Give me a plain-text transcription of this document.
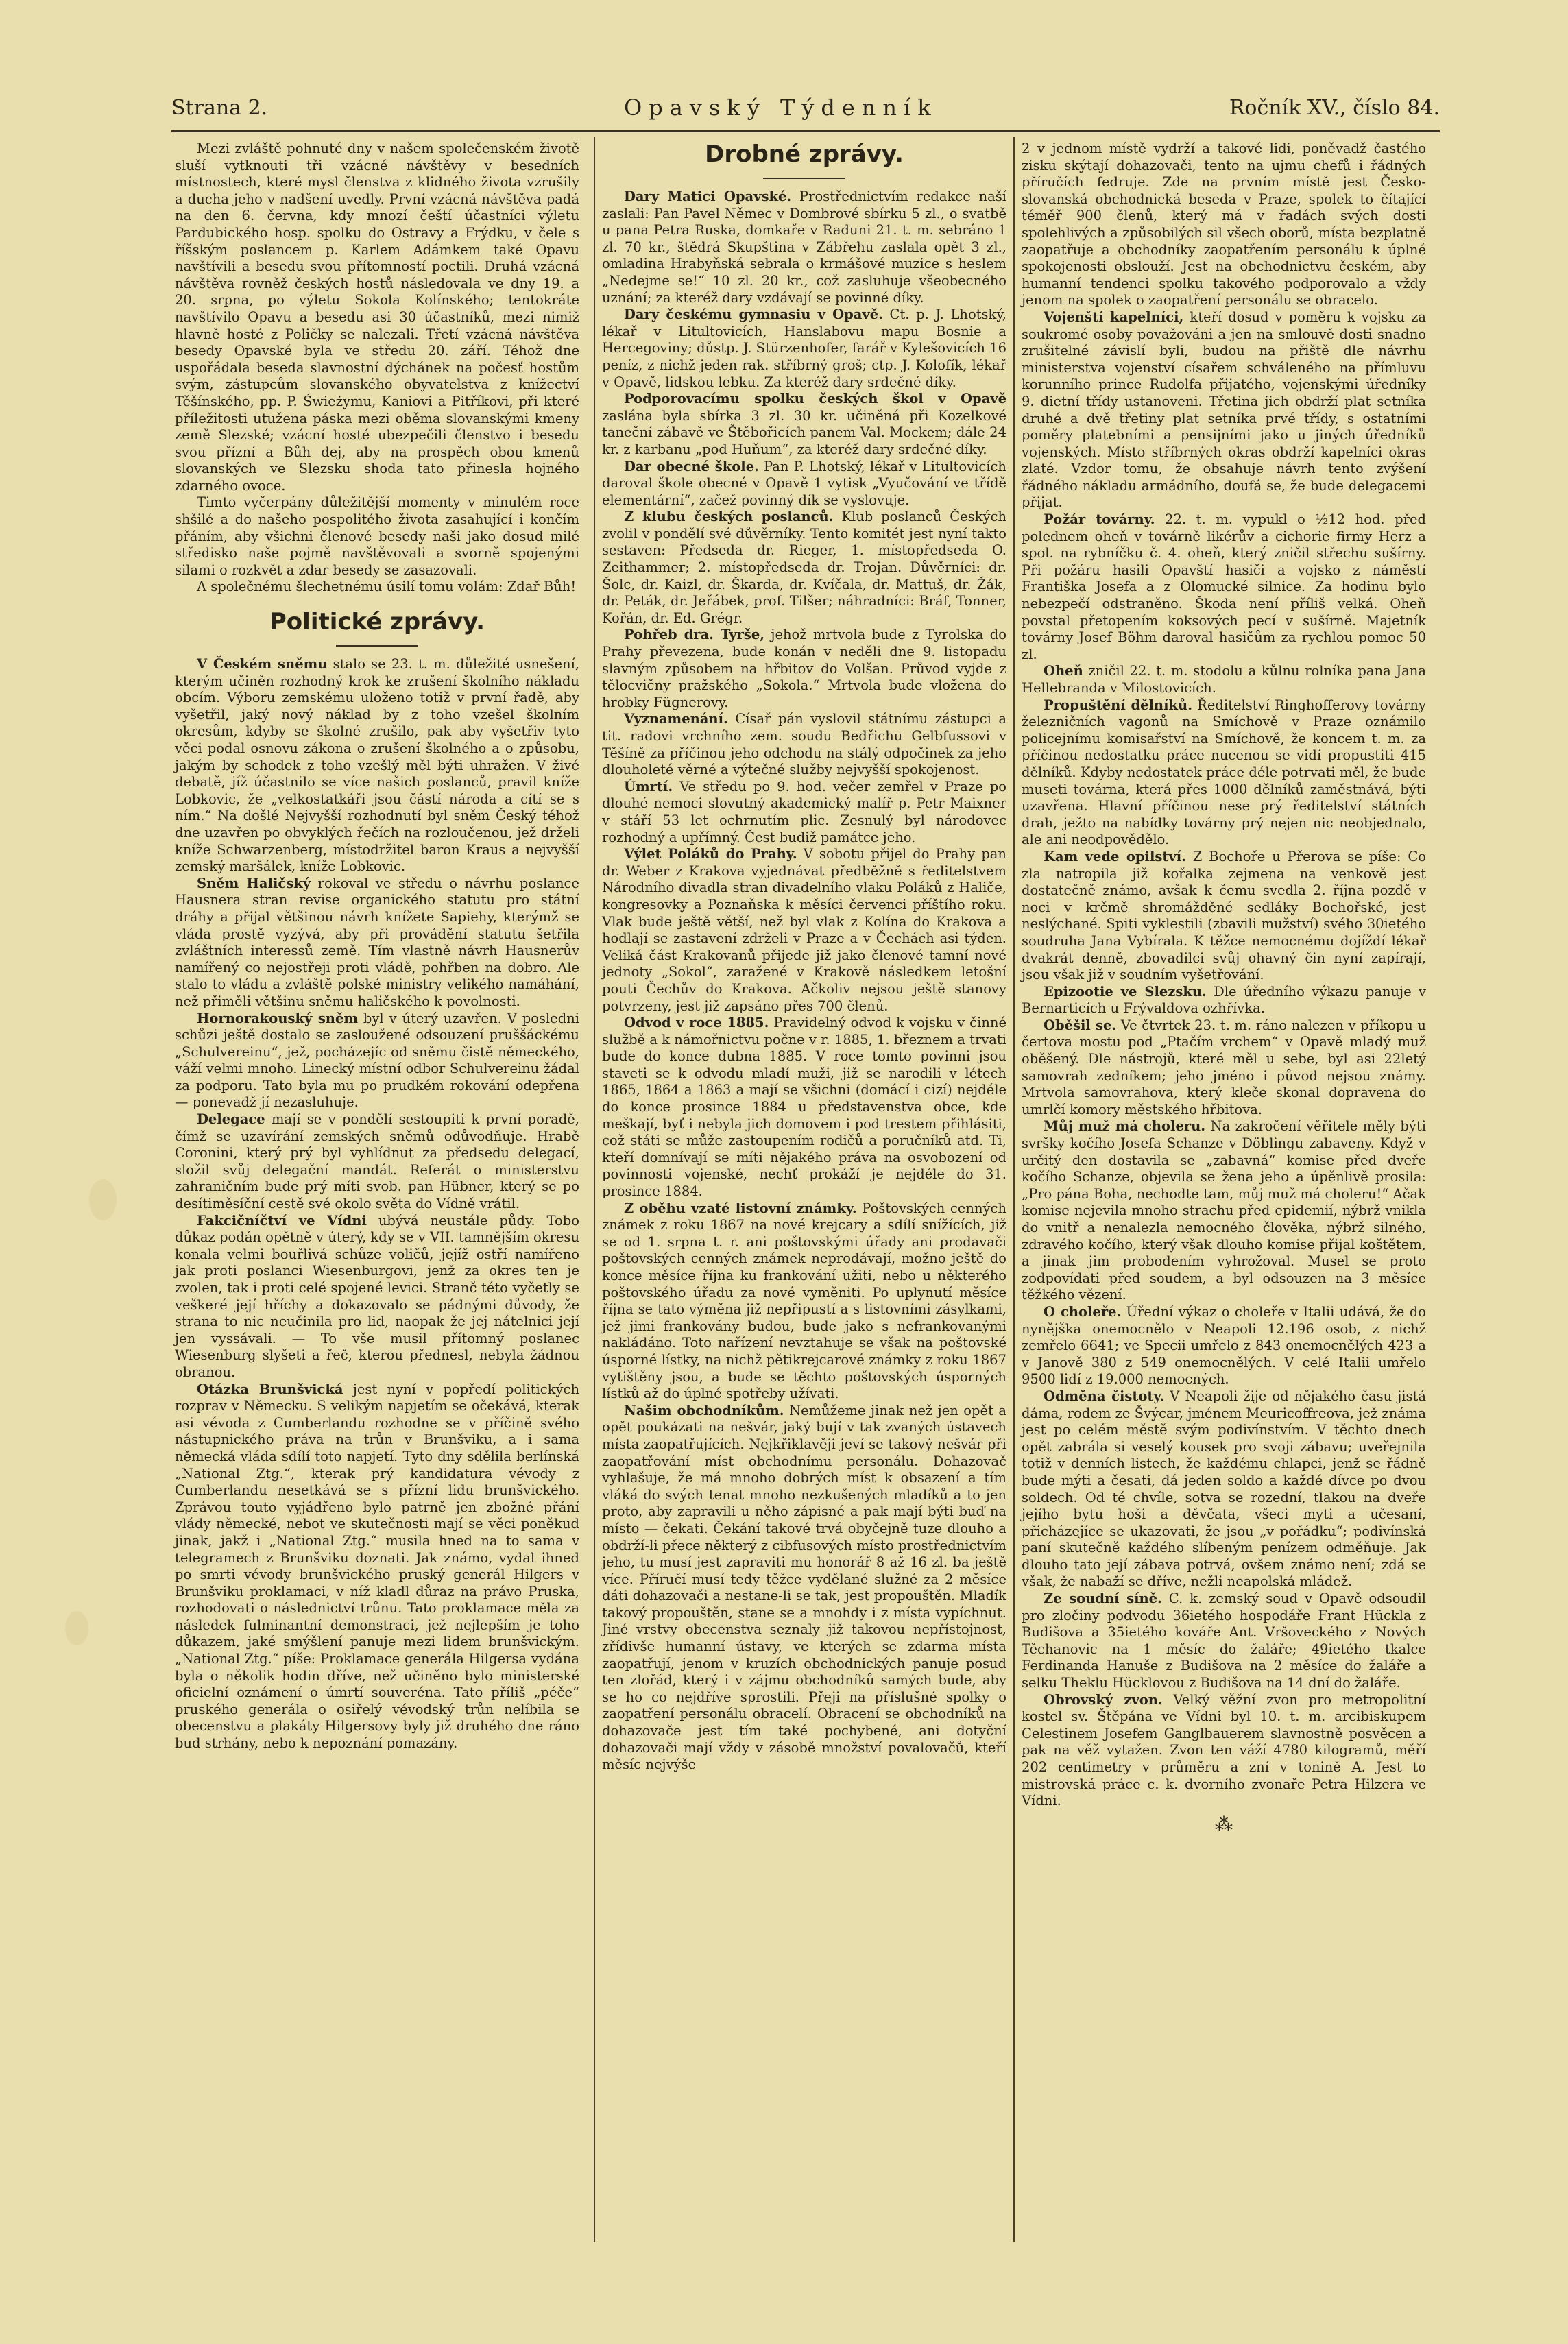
Strana 2.	Opavský Týdenník	Ročník XV., číslo 84.

Mezi zvláště pohnuté dny v našem společenském životě sluší vytknouti tři vzácné návštěvy v besedních místnostech, které mysl členstva z klidného života vzrušily a ducha jeho v nadšení uvedly. První vzácná návštěva padá na den 6. června, kdy mnozí čeští účastníci výletu Pardubického hosp. spolku do Ostravy a Frýdku, v čele s říšským poslancem p. Karlem Adámkem také Opavu navštívili a besedu svou přítomností poctili. Druhá vzácná návštěva rovněž českých hostů následovala ve dny 19. a 20. srpna, po výletu Sokola Kolínského; tentokráte navštívilo Opavu a besedu asi 30 účastníků, mezi nimiž hlavně hosté z Poličky se nalezali. Třetí vzácná návštěva besedy Opavské byla ve středu 20. září. Téhož dne uspořádala beseda slavnostní dýchánek na počesť hostům svým, zástupcům slovanského obyvatelstva z knížectví Těšínského, pp. P. Świeżymu, Kaniovi a Pitříkovi, při které příležitosti utužena páska mezi oběma slovanskými kmeny země Slezské; vzácní hosté ubezpečili členstvo i besedu svou přízní a Bůh dej, aby na prospěch obou kmenů slovanských ve Slezsku shoda tato přinesla hojného zdarného ovoce.

Timto vyčerpány důležitější momenty v minulém roce shšilé a do našeho pospolitého života zasahující i končím přáním, aby všichni členové besedy naši jako dosud milé středisko naše pojmě navštěvovali a svorně spojenými silami o rozkvět a zdar besedy se zasazovali.

A společnému šlechetnému úsilí tomu volám: Zdař Bůh!

Politické zprávy.

V Českém sněmu stalo se 23. t. m. důležité usnešení, kterým učiněn rozhodný krok ke zrušení školního nákladu obcím. Výboru zemskému uloženo totiž v první řadě, aby vyšetřil, jaký nový náklad by z toho vzešel školním okresům, kdyby se školné zrušilo, pak aby vyšetřiv tyto věci podal osnovu zákona o zrušení školného a o způsobu, jakým by schodek z toho vzešlý měl býti uhražen. V živé debatě, jíž účastnilo se více našich poslanců, pravil kníže Lobkovic, že „velkostatkáři jsou částí národa a cítí se s ním.“ Na došlé Nejvyšší rozhodnutí byl sněm Český téhož dne uzavřen po obvyklých řečích na rozloučenou, jež drželi kníže Schwarzenberg, místodržitel baron Kraus a nejvyšší zemský maršálek, kníže Lobkovic.

Sněm Haličský rokoval ve středu o návrhu poslance Hausnera stran revise organického statutu pro státní dráhy a přijal většinou návrh knížete Sapiehy, kterýmž se vláda prostě vyzývá, aby při provádění statutu šetřila zvláštních interessů země. Tím vlastně návrh Hausnerův namířený co nejostřeji proti vládě, pohřben na dobro. Ale stalo to vládu a zvláště polské ministry velikého namáhání, než přiměli většinu sněmu haličského k povolnosti.

Hornorakouský sněm byl v úterý uzavřen. V posledni schůzi ještě dostalo se zasloužené odsouzení pruššáckému „Schulvereinu“, jež, pocházejíc od sněmu čistě německého, váží velmi mnoho. Linecký místní odbor Schulvereinu žádal za podporu. Tato byla mu po prudkém rokování odepřena — ponevadž jí nezasluhuje.

Delegace mají se v pondělí sestoupiti k první poradě, čímž se uzavírání zemských sněmů odůvodňuje. Hrabě Coronini, který prý byl vyhlídnut za předsedu delegací, složil svůj delegační mandát. Referát o ministerstvu zahraničním bude prý míti svob. pan Hübner, který se po desítiměsíční cestě své okolo světa do Vídně vrátil.

Fakcičníčtví ve Vídni ubývá neustále půdy. Tobo důkaz podán opětně v úterý, kdy se v VII. tamnějším okresu konala velmi bouřlivá schůze voličů, jejíž ostří namířeno jak proti poslanci Wiesenburgovi, jenž za okres ten je zvolen, tak i proti celé spojené levici. Stranč této vyčetly se veškeré její hříchy a dokazovalo se pádnými důvody, že strana to nic neučinila pro lid, naopak že jej nátelnici její jen vyssávali. — To vše musil přítomný poslanec Wiesenburg slyšeti a řeč, kterou přednesl, nebyla žádnou obranou.

Otázka Brunšvická jest nyní v popředí politických rozprav v Německu. S velikým napjetím se očekává, kterak asi vévoda z Cumberlandu rozhodne se v příčině svého nástupnického práva na trůn v Brunšviku, a i sama německá vláda sdílí toto napjetí. Tyto dny sdělila berlínská „National Ztg.“, kterak prý kandidatura vévody z Cumberlandu nesetkává se s přízní lidu brunšvického. Zprávou touto vyjádřeno bylo patrně jen zbožné přání vlády německé, nebot ve skutečnosti mají se věci poněkud jinak, jakž i „National Ztg.“ musila hned na to sama v telegramech z Brunšviku doznati. Jak známo, vydal ihned po smrti vévody brunšvického pruský generál Hilgers v Brunšviku proklamaci, v níž kladl důraz na právo Pruska, rozhodovati o následnictví trůnu. Tato proklamace měla za následek fulminantní demonstraci, jež nejlepším je toho důkazem, jaké smýšlení panuje mezi lidem brunšvickým. „National Ztg.“ píše: Proklamace generála Hilgersa vydána byla o několik hodin dříve, než učiněno bylo ministerské oficielní oznámení o úmrtí souveréna. Tato příliš „péče“ pruského generála o osiřelý vévodský trůn nelíbila se obecenstvu a plakáty Hilgersovy byly již druhého dne ráno bud strhány, nebo k nepoznání pomazány.

Drobné zprávy.

Dary Matici Opavské. Prostřednictvím redakce naší zaslali: Pan Pavel Němec v Dombrové sbírku 5 zl., o svatbě u pana Petra Ruska, domkaře v Raduni 21. t. m. sebráno 1 zl. 70 kr., štědrá Skupština v Zábřehu zaslala opět 3 zl., omladina Hrabyňská sebrala o krmášové muzice s heslem „Nedejme se!“ 10 zl. 20 kr., což zasluhuje všeobecného uznání; za kteréž dary vzdávají se povinné díky.

Dary českému gymnasiu v Opavě. Ct. p. J. Lhotský, lékař v Litultovicích, Hanslabovu mapu Bosnie a Hercegoviny; důstp. J. Stürzenhofer, farář v Kylešovicích 16 peníz, z nichž jeden rak. stříbrný groš; ctp. J. Kolofík, lékař v Opavě, lidskou lebku. Za kteréž dary srdečné díky.

Podporovacímu spolku českých škol v Opavě zaslána byla sbírka 3 zl. 30 kr. učiněná při Kozelkové taneční zábavě ve Štěbořicích panem Val. Mockem; dále 24 kr. z karbanu „pod Huňum“, za kteréž dary srdečné díky.

Dar obecné škole. Pan P. Lhotský, lékař v Litultovicích daroval škole obecné v Opavě 1 vytisk „Vyučování ve třídě elementární“, začež povinný dík se vyslovuje.

Z klubu českých poslanců. Klub poslanců Českých zvolil v pondělí své důvěrníky. Tento komitét jest nyní takto sestaven: Předseda dr. Rieger, 1. místopředseda O. Zeithammer; 2. místopředseda dr. Trojan. Důvěrníci: dr. Šolc, dr. Kaizl, dr. Škarda, dr. Kvíčala, dr. Mattuš, dr. Žák, dr. Peták, dr. Jeřábek, prof. Tilšer; náhradníci: Bráf, Tonner, Kořán, dr. Ed. Grégr.

Pohřeb dra. Tyrše, jehož mrtvola bude z Tyrolska do Prahy převezena, bude konán v neděli dne 9. listopadu slavným způsobem na hřbitov do Volšan. Průvod vyjde z tělocvičny pražského „Sokola.“ Mrtvola bude vložena do hrobky Fügnerovy.

Vyznamenání. Císař pán vyslovil státnímu zástupci a tit. radovi vrchního zem. soudu Bedřichu Gelbfussovi v Těšíně za příčinou jeho odchodu na stálý odpočinek za jeho dlouholeté věrné a výtečné služby nejvyšší spokojenost.

Úmrtí. Ve středu po 9. hod. večer zemřel v Praze po dlouhé nemoci slovutný akademický malíř p. Petr Maixner v stáří 53 let ochrnutím plic. Zesnulý byl národovec rozhodný a upřímný. Čest budiž památce jeho.

Výlet Poláků do Prahy. V sobotu přijel do Prahy pan dr. Weber z Krakova vyjednávat předběžně s ředitelstvem Národního divadla stran divadelního vlaku Poláků z Haliče, kongresovky a Poznaňska k měsíci červenci příštího roku. Vlak bude ještě větší, než byl vlak z Kolína do Krakova a hodlají se zastavení zdrželi v Praze a v Čechách asi týden. Veliká část Krakovanů přijede již jako členové tamní nové jednoty „Sokol“, zaražené v Krakově následkem letošní pouti Čechův do Krakova. Ačkoliv nejsou ještě stanovy potvrzeny, jest již zapsáno přes 700 členů.

Odvod v roce 1885. Pravidelný odvod k vojsku v činné službě a k námořnictvu počne v r. 1885, 1. březnem a trvati bude do konce dubna 1885. V roce tomto povinni jsou staveti se k odvodu mladí muži, již se narodili v létech 1865, 1864 a 1863 a mají se všichni (domácí i cizí) nejdéle do konce prosince 1884 u představenstva obce, kde meškají, byť i nebyla jich domovem i pod trestem přihlásiti, což státi se může zastoupením rodičů a poručníků atd. Ti, kteří domnívají se míti nějakého práva na osvobození od povinnosti vojenské, nechť prokáží je nejdéle do 31. prosince 1884.

Z oběhu vzaté listovní známky. Poštovských cenných známek z roku 1867 na nové krejcary a sdílí snížících, již se od 1. srpna t. r. ani poštovskými úřady ani prodavači poštovských cenných známek neprodávají, možno ještě do konce měsíce října ku frankování užiti, nebo u některého poštovského úřadu za nové vyměniti. Po uplynutí měsíce října se tato výměna již nepřipustí a s listovními zásylkami, jež jimi frankovány budou, bude jako s nefrankovanými nakládáno. Toto nařízení nevztahuje se však na poštovské úsporné lístky, na nichž pětikrejcarové známky z roku 1867 vytištěny jsou, a bude se těchto poštovských úsporných lístků až do úplné spotřeby užívati.

Našim obchodníkům. Nemůžeme jinak než jen opět a opět poukázati na nešvár, jaký bují v tak zvaných ústavech místa zaopatřujících. Nejkřiklavěji jeví se takový nešvár při zaopatřování míst obchodnímu personálu. Dohazovač vyhlašuje, že má mnoho dobrých míst k obsazení a tím vláká do svých tenat mnoho nezkušených mladíků a to jen proto, aby zapravili u něho zápisné a pak mají býti buď na místo — čekati. Čekání takové trvá obyčejně tuze dlouho a obdrží-li přece některý z cibfusových místo prostřednictvím jeho, tu musí jest zapraviti mu honorář 8 až 16 zl. ba ještě více. Příručí musí tedy těžce vydělané služné za 2 měsíce dáti dohazovači a nestane-li se tak, jest propouštěn. Mladík takový propouštěn, stane se a mnohdy i z místa vypíchnut. Jiné vrstvy obecenstva seznaly již takovou nepřístojnost, zřídivše humanní ústavy, ve kterých se zdarma místa zaopatřují, jenom v kruzích obchodnických panuje posud ten zlořád, který i v zájmu obchodníků samých bude, aby se ho co nejdříve sprostili. Přeji na příslušné spolky o zaopatření personálu obracelí. Obracení se obchodníků na dohazovače jest tím také pochybené, ani dotyční dohazovači mají vždy v zásobě množství povalovačů, kteří měsíc nejvýše

2 v jednom místě vydrží a takové lidi, poněvadž častého zisku skýtají dohazovači, tento na ujmu chefů i řádných příručích fedruje. Zde na prvním místě jest Česko-slovanská obchodnická beseda v Praze, spolek to čítající téměř 900 členů, který má v řadách svých dosti spolehlivých a způsobilých sil všech oborů, místa bezplatně zaopatřuje a obchodníky zaopatřením personálu k úplné spokojenosti obslouží. Jest na obchodnictvu českém, aby humanní tendenci spolku takového podporovalo a vždy jenom na spolek o zaopatření personálu se obracelo.

Vojenští kapelníci, kteří dosud v poměru k vojsku za soukromé osoby považováni a jen na smlouvě dosti snadno zrušitelné závislí byli, budou na přiště dle návrhu ministerstva vojenství císařem schváleného na přímluvu korunního prince Rudolfa přijatého, vojenskými úředníky 9. dietní třídy ustanoveni. Třetina jich obdrží plat setníka druhé a dvě třetiny plat setníka prvé třídy, s ostatními poměry platebními a pensijními jako u jiných úředníků vojenských. Místo stříbrných okras obdrží kapelníci okras zlaté. Vzdor tomu, že obsahuje návrh tento zvýšení řádného nákladu armádního, doufá se, že bude delegacemi přijat.

Požár továrny. 22. t. m. vypukl o ½12 hod. před polednem oheň v továrně likérův a cichorie firmy Herz a spol. na rybníčku č. 4. oheň, který zničil střechu sušírny. Při požáru hasili Opavští hasiči a vojsko z náměstí Františka Josefa a z Olomucké silnice. Za hodinu bylo nebezpečí odstraněno. Škoda není příliš velká. Oheň povstal přetopením koksových pecí v sušírně. Majetník továrny Josef Böhm daroval hasičům za rychlou pomoc 50 zl.

Oheň zničil 22. t. m. stodolu a kůlnu rolníka pana Jana Hellebranda v Milostovicích.

Propuštění dělníků. Ředitelství Ringhofferovy továrny železničních vagonů na Smíchově v Praze oznámilo policejnímu komisařství na Smíchově, že koncem t. m. za příčinou nedostatku práce nucenou se vidí propustiti 415 dělníků. Kdyby nedostatek práce déle potrvati měl, že bude museti továrna, která přes 1000 dělníků zaměstnává, býti uzavřena. Hlavní příčinou nese prý ředitelství státních drah, ježto na nabídky továrny prý nejen nic neobjednalo, ale ani neodpovědělo.

Kam vede opilství. Z Bochoře u Přerova se píše: Co zla natropila již kořalka zejmena na venkově jest dostatečně známo, avšak k čemu svedla 2. října pozdě v noci v krčmě shromážděné sedláky Bochořské, jest neslýchané. Spiti vyklestili (zbavili mužství) svého 30ietého soudruha Jana Vybírala. K těžce nemocnému dojíždí lékař dvakrát denně, zbovadilci svůj ohavný čin nyní zapírají, jsou však již v soudním vyšetřování.

Epizootie ve Slezsku. Dle úředního výkazu panuje v Bernarticích u Frývaldova ozhřívka.

Oběšil se. Ve čtvrtek 23. t. m. ráno nalezen v příkopu u čertova mostu pod „Ptačím vrchem“ v Opavě mladý muž oběšený. Dle nástrojů, které měl u sebe, byl asi 22letý samovrah zedníkem; jeho jméno i původ nejsou známy. Mrtvola samovrahova, který kleče skonal dopravena do umrlčí komory městského hřbitova.

Můj muž má choleru. Na zakročení věřitele měly býti svršky kočího Josefa Schanze v Döblingu zabaveny. Když v určitý den dostavila se „zabavná“ komise před dveře kočího Schanze, objevila se žena jeho a úpěnlivě prosila: „Pro pána Boha, nechodte tam, můj muž má choleru!“ Ačak komise nejevila mnoho strachu před epidemií, nýbrž vnikla do vnitř a nenalezla nemocného člověka, nýbrž silného, zdravého kočího, který však dlouho komise přijal koštětem, a jinak jim probodením vyhrožoval. Musel se proto zodpovídati před soudem, a byl odsouzen na 3 měsíce těžkého vězení.

O choleře. Úřední výkaz o choleře v Italii udává, že do nynějška onemocnělo v Neapoli 12.196 osob, z nichž zemřelo 6641; ve Specii umřelo z 843 onemocnělých 423 a v Janově 380 z 549 onemocnělých. V celé Italii umřelo 9500 lidí z 19.000 nemocných.

Odměna čistoty. V Neapoli žije od nějakého času jistá dáma, rodem ze Švýcar, jménem Meuricoffreova, jež známa jest po celém městě svým podivínstvím. V těchto dnech opět zabrála si veselý kousek pro svoji zábavu; uveřejnila totiž v denních listech, že každému chlapci, jenž se řádně bude mýti a česati, dá jeden soldo a každé dívce po dvou soldech. Od té chvíle, sotva se rozední, tlakou na dveře jejího bytu hoši a děvčata, všeci myti a učesaní, přicházejíce se ukazovati, že jsou „v pořádku“; podivínská paní skutečně každého slíbeným penízem odměňuje. Jak dlouho tato její zábava potrvá, ovšem známo není; zdá se však, že nabaží se dříve, nežli neapolská mládež.

Ze soudní síně. C. k. zemský soud v Opavě odsoudil pro zločiny podvodu 36ietého hospodáře Frant Hückla z Budišova a 35ietého kováře Ant. Vršoveckého z Nových Těchanovic na 1 měsíc do žaláře; 49ietého tkalce Ferdinanda Hanuše z Budišova na 2 měsíce do žaláře a selku Theklu Hücklovou z Budišova na 14 dní do žaláře.

Obrovský zvon. Velký věžní zvon pro metropolitní kostel sv. Štěpána ve Vídni byl 10. t. m. arcibiskupem Celestinem Josefem Ganglbauerem slavnostně posvěcen a pak na věž vytažen. Zvon ten váží 4780 kilogramů, měří 202 centimetry v průměru a zní v tonině A. Jest to mistrovská práce c. k. dvorního zvonaře Petra Hilzera ve Vídni.

⁂
